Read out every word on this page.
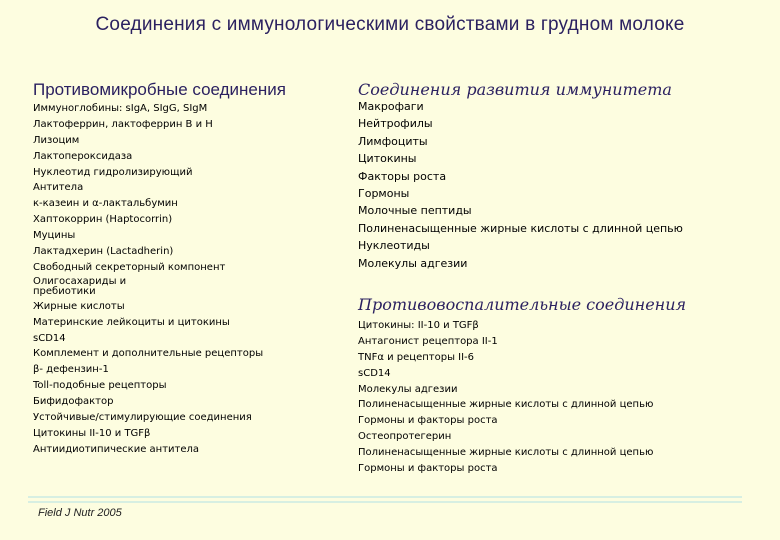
Соединения с иммунологическими свойствами в грудном молоке
Противомикробные соединения
Иммуноглобины: sIgA, SIgG, SIgM
Лактоферрин, лактоферрин B и H
Лизоцим
Лактопероксидаза
Нуклеотид гидролизирующий
Антитела
к-казеин и α-лактальбумин
Хаптокоррин (Haptocorrin)
Муцины
Лактадхерин (Lactadherin)
Свободный секреторный компонент
Олигосахариды и пребиотики
Жирные кислоты
Материнские лейкоциты и цитокины
sCD14
Комплемент и дополнительные рецепторы
β- дефензин-1
Toll-подобные рецепторы
Бифидофактор
Устойчивые/стимулирующие соединения
Цитокины II-10 и TGFβ
Антиидиотипические антитела
Соединения развития иммунитета
Макрофаги
Нейтрофилы
Лимфоциты
Цитокины
Факторы роста
Гормоны
Молочные пептиды
Полиненасыщенные жирные кислоты с длинной цепью
Нуклеотиды
Молекулы адгезии
Противовоспалительные соединения
Цитокины: II-10 и TGFβ
Антагонист рецептора II-1
TNFα и рецепторы II-6
sCD14
Молекулы адгезии
Полиненасыщенные жирные кислоты с длинной цепью
Гормоны и факторы роста
Остеопротегерин
Полиненасыщенные жирные кислоты с длинной цепью
Гормоны и факторы роста
Field J Nutr 2005
